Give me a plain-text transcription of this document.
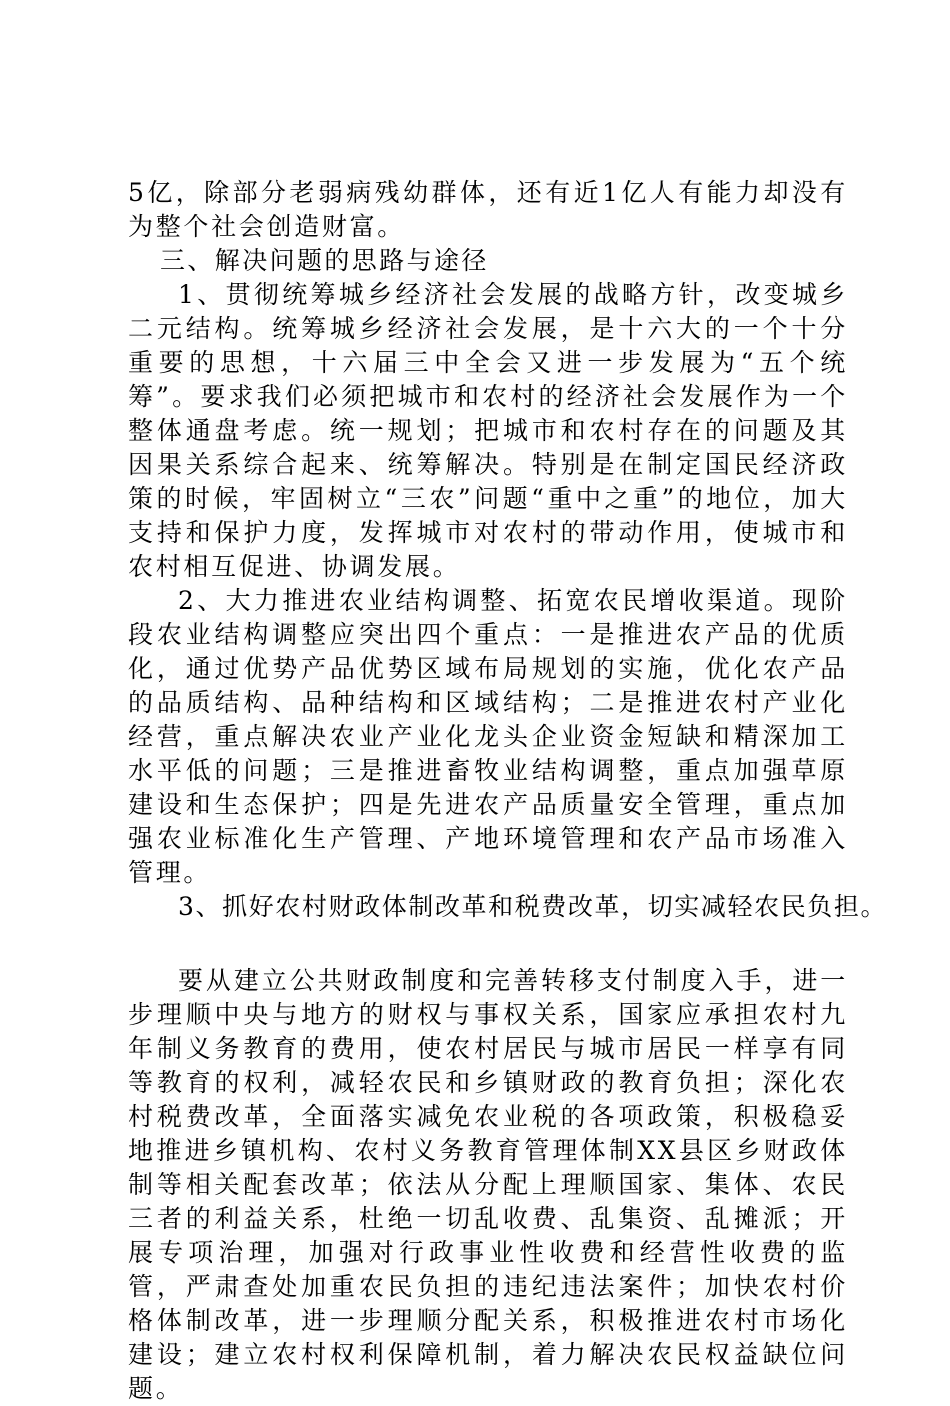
5亿，除部分老弱病残幼群体，还有近1亿人有能力却没有为整个社会创造财富。

三、解决问题的思路与途径

1、贯彻统筹城乡经济社会发展的战略方针，改变城乡二元结构。统筹城乡经济社会发展，是十六大的一个十分重要的思想，十六届三中全会又进一步发展为“五个统筹”。要求我们必须把城市和农村的经济社会发展作为一个整体通盘考虑。统一规划；把城市和农村存在的问题及其因果关系综合起来、统筹解决。特别是在制定国民经济政策的时候，牢固树立“三农”问题“重中之重”的地位，加大支持和保护力度，发挥城市对农村的带动作用，使城市和农村相互促进、协调发展。

2、大力推进农业结构调整、拓宽农民增收渠道。现阶段农业结构调整应突出四个重点：一是推进农产品的优质化，通过优势产品优势区域布局规划的实施，优化农产品的品质结构、品种结构和区域结构；二是推进农村产业化经营，重点解决农业产业化龙头企业资金短缺和精深加工水平低的问题；三是推进畜牧业结构调整，重点加强草原建设和生态保护；四是先进农产品质量安全管理，重点加强农业标准化生产管理、产地环境管理和农产品市场准入管理。

3、抓好农村财政体制改革和税费改革，切实减轻农民负担。

要从建立公共财政制度和完善转移支付制度入手，进一步理顺中央与地方的财权与事权关系，国家应承担农村九年制义务教育的费用，使农村居民与城市居民一样享有同等教育的权利，减轻农民和乡镇财政的教育负担；深化农村税费改革，全面落实减免农业税的各项政策，积极稳妥地推进乡镇机构、农村义务教育管理体制XX县区乡财政体制等相关配套改革；依法从分配上理顺国家、集体、农民三者的利益关系，杜绝一切乱收费、乱集资、乱摊派；开展专项治理，加强对行政事业性收费和经营性收费的监管，严肃查处加重农民负担的违纪违法案件；加快农村价格体制改革，进一步理顺分配关系，积极推进农村市场化建设；建立农村权利保障机制，着力解决农民权益缺位问题。
